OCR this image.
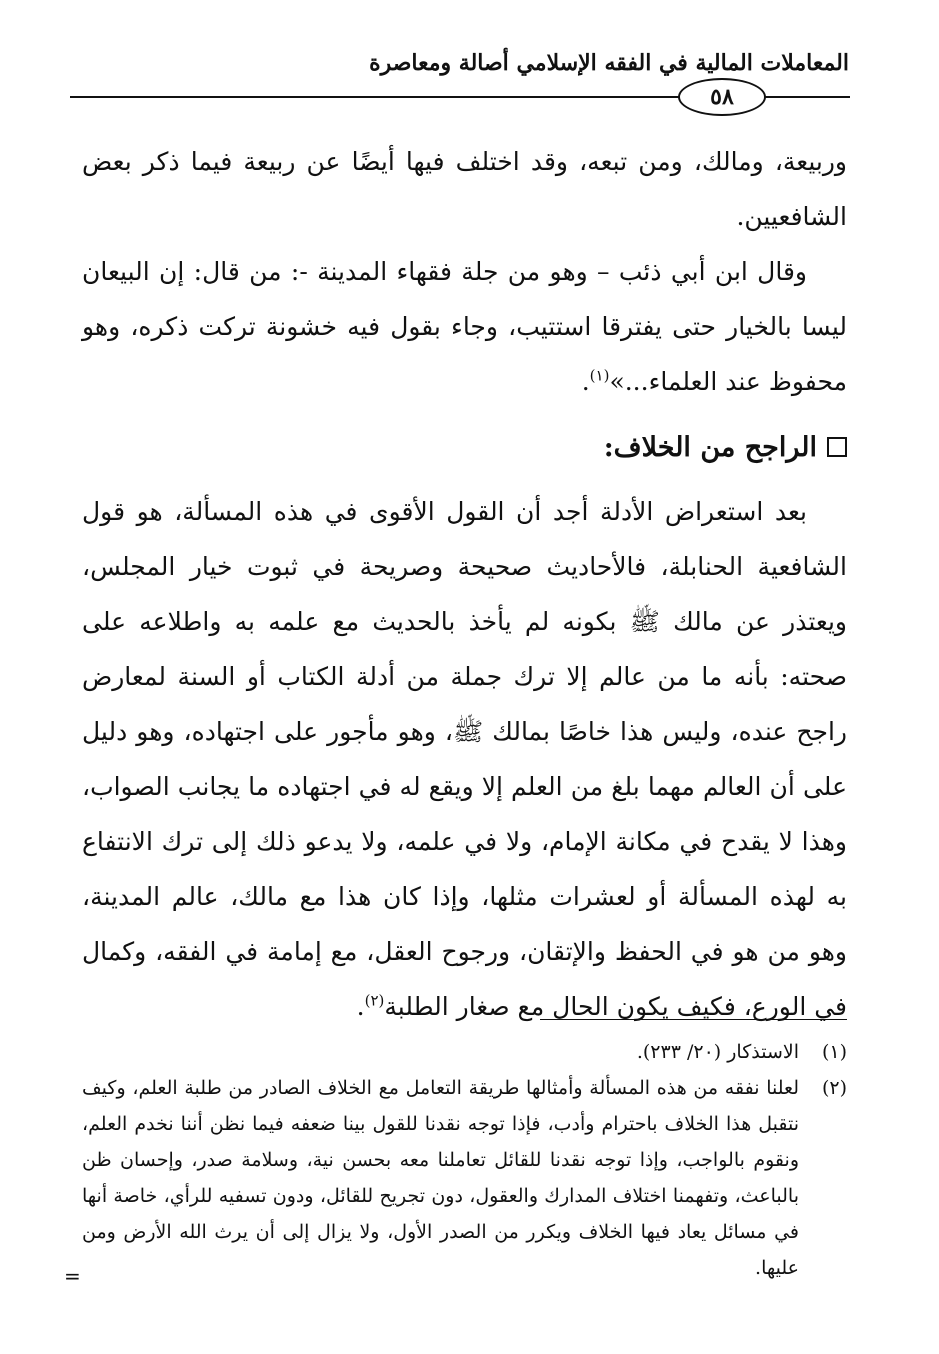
المعاملات المالية في الفقه الإسلامي أصالة ومعاصرة
٥٨

وربيعة، ومالك، ومن تبعه، وقد اختلف فيها أيضًا عن ربيعة فيما ذكر بعض الشافعيين.

وقال ابن أبي ذئب – وهو من جلة فقهاء المدينة -: من قال: إن البيعان ليسا بالخيار حتى يفترقا استتيب، وجاء بقول فيه خشونة تركت ذكره، وهو محفوظ عند العلماء...»$^{(١)}$.

الراجح من الخلاف:

بعد استعراض الأدلة أجد أن القول الأقوى في هذه المسألة، هو قول الشافعية الحنابلة، فالأحاديث صحيحة وصريحة في ثبوت خيار المجلس، ويعتذر عن مالك ﷺ بكونه لم يأخذ بالحديث مع علمه به واطلاعه على صحته: بأنه ما من عالم إلا ترك جملة من أدلة الكتاب أو السنة لمعارض راجح عنده، وليس هذا خاصًا بمالك ﷺ، وهو مأجور على اجتهاده، وهو دليل على أن العالم مهما بلغ من العلم إلا ويقع له في اجتهاده ما يجانب الصواب، وهذا لا يقدح في مكانة الإمام، ولا في علمه، ولا يدعو ذلك إلى ترك الانتفاع به لهذه المسألة أو لعشرات مثلها، وإذا كان هذا مع مالك، عالم المدينة، وهو من هو في الحفظ والإتقان، ورجوح العقل، مع إمامة في الفقه، وكمال في الورع، فكيف يكون الحال مع صغار الطلبة$^{(٢)}$.

(١)
الاستذكار (٢٠/ ٢٣٣).
(٢)
لعلنا نفقه من هذه المسألة وأمثالها طريقة التعامل مع الخلاف الصادر من طلبة العلم، وكيف نتقبل هذا الخلاف باحترام وأدب، فإذا توجه نقدنا للقول بينا ضعفه فيما نظن أننا نخدم العلم، ونقوم بالواجب، وإذا توجه نقدنا للقائل تعاملنا معه بحسن نية، وسلامة صدر، وإحسان ظن بالباعث، وتفهمنا اختلاف المدارك والعقول، دون تجريح للقائل، ودون تسفيه للرأي، خاصة أنها في مسائل يعاد فيها الخلاف ويكرر من الصدر الأول، ولا يزال إلى أن يرث الله الأرض ومن عليها.
=
